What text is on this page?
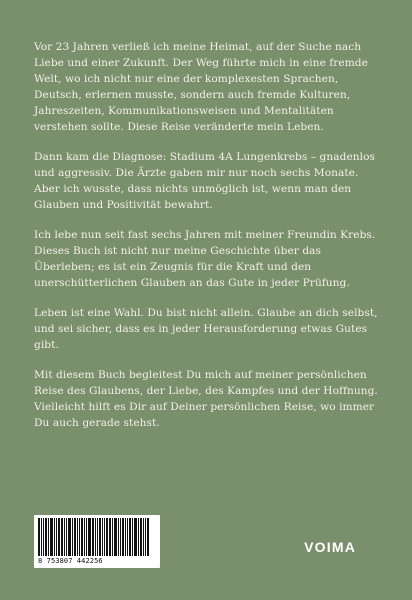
Vor 23 Jahren verließ ich meine Heimat, auf der Suche nach Liebe und einer Zukunft. Der Weg führte mich in eine fremde Welt, wo ich nicht nur eine der komplexesten Sprachen, Deutsch, erlernen musste, sondern auch fremde Kulturen, Jahreszeiten, Kommunikationsweisen und Mentalitäten verstehen sollte. Diese Reise veränderte mein Leben.

Dann kam die Diagnose: Stadium 4A Lungenkrebs – gnadenlos und aggressiv. Die Ärzte gaben mir nur noch sechs Monate. Aber ich wusste, dass nichts unmöglich ist, wenn man den Glauben und Positivität bewahrt.

Ich lebe nun seit fast sechs Jahren mit meiner Freundin Krebs. Dieses Buch ist nicht nur meine Geschichte über das Überleben; es ist ein Zeugnis für die Kraft und den unerschütterlichen Glauben an das Gute in jeder Prüfung.

Leben ist eine Wahl. Du bist nicht allein. Glaube an dich selbst, und sei sicher, dass es in jeder Herausforderung etwas Gutes gibt.

Mit diesem Buch begleitest Du mich auf meiner persönlichen Reise des Glaubens, der Liebe, des Kampfes und der Hoffnung. Vielleicht hilft es Dir auf Deiner persönlichen Reise, wo immer Du auch gerade stehst.

8 753807 442256
VOIMA
